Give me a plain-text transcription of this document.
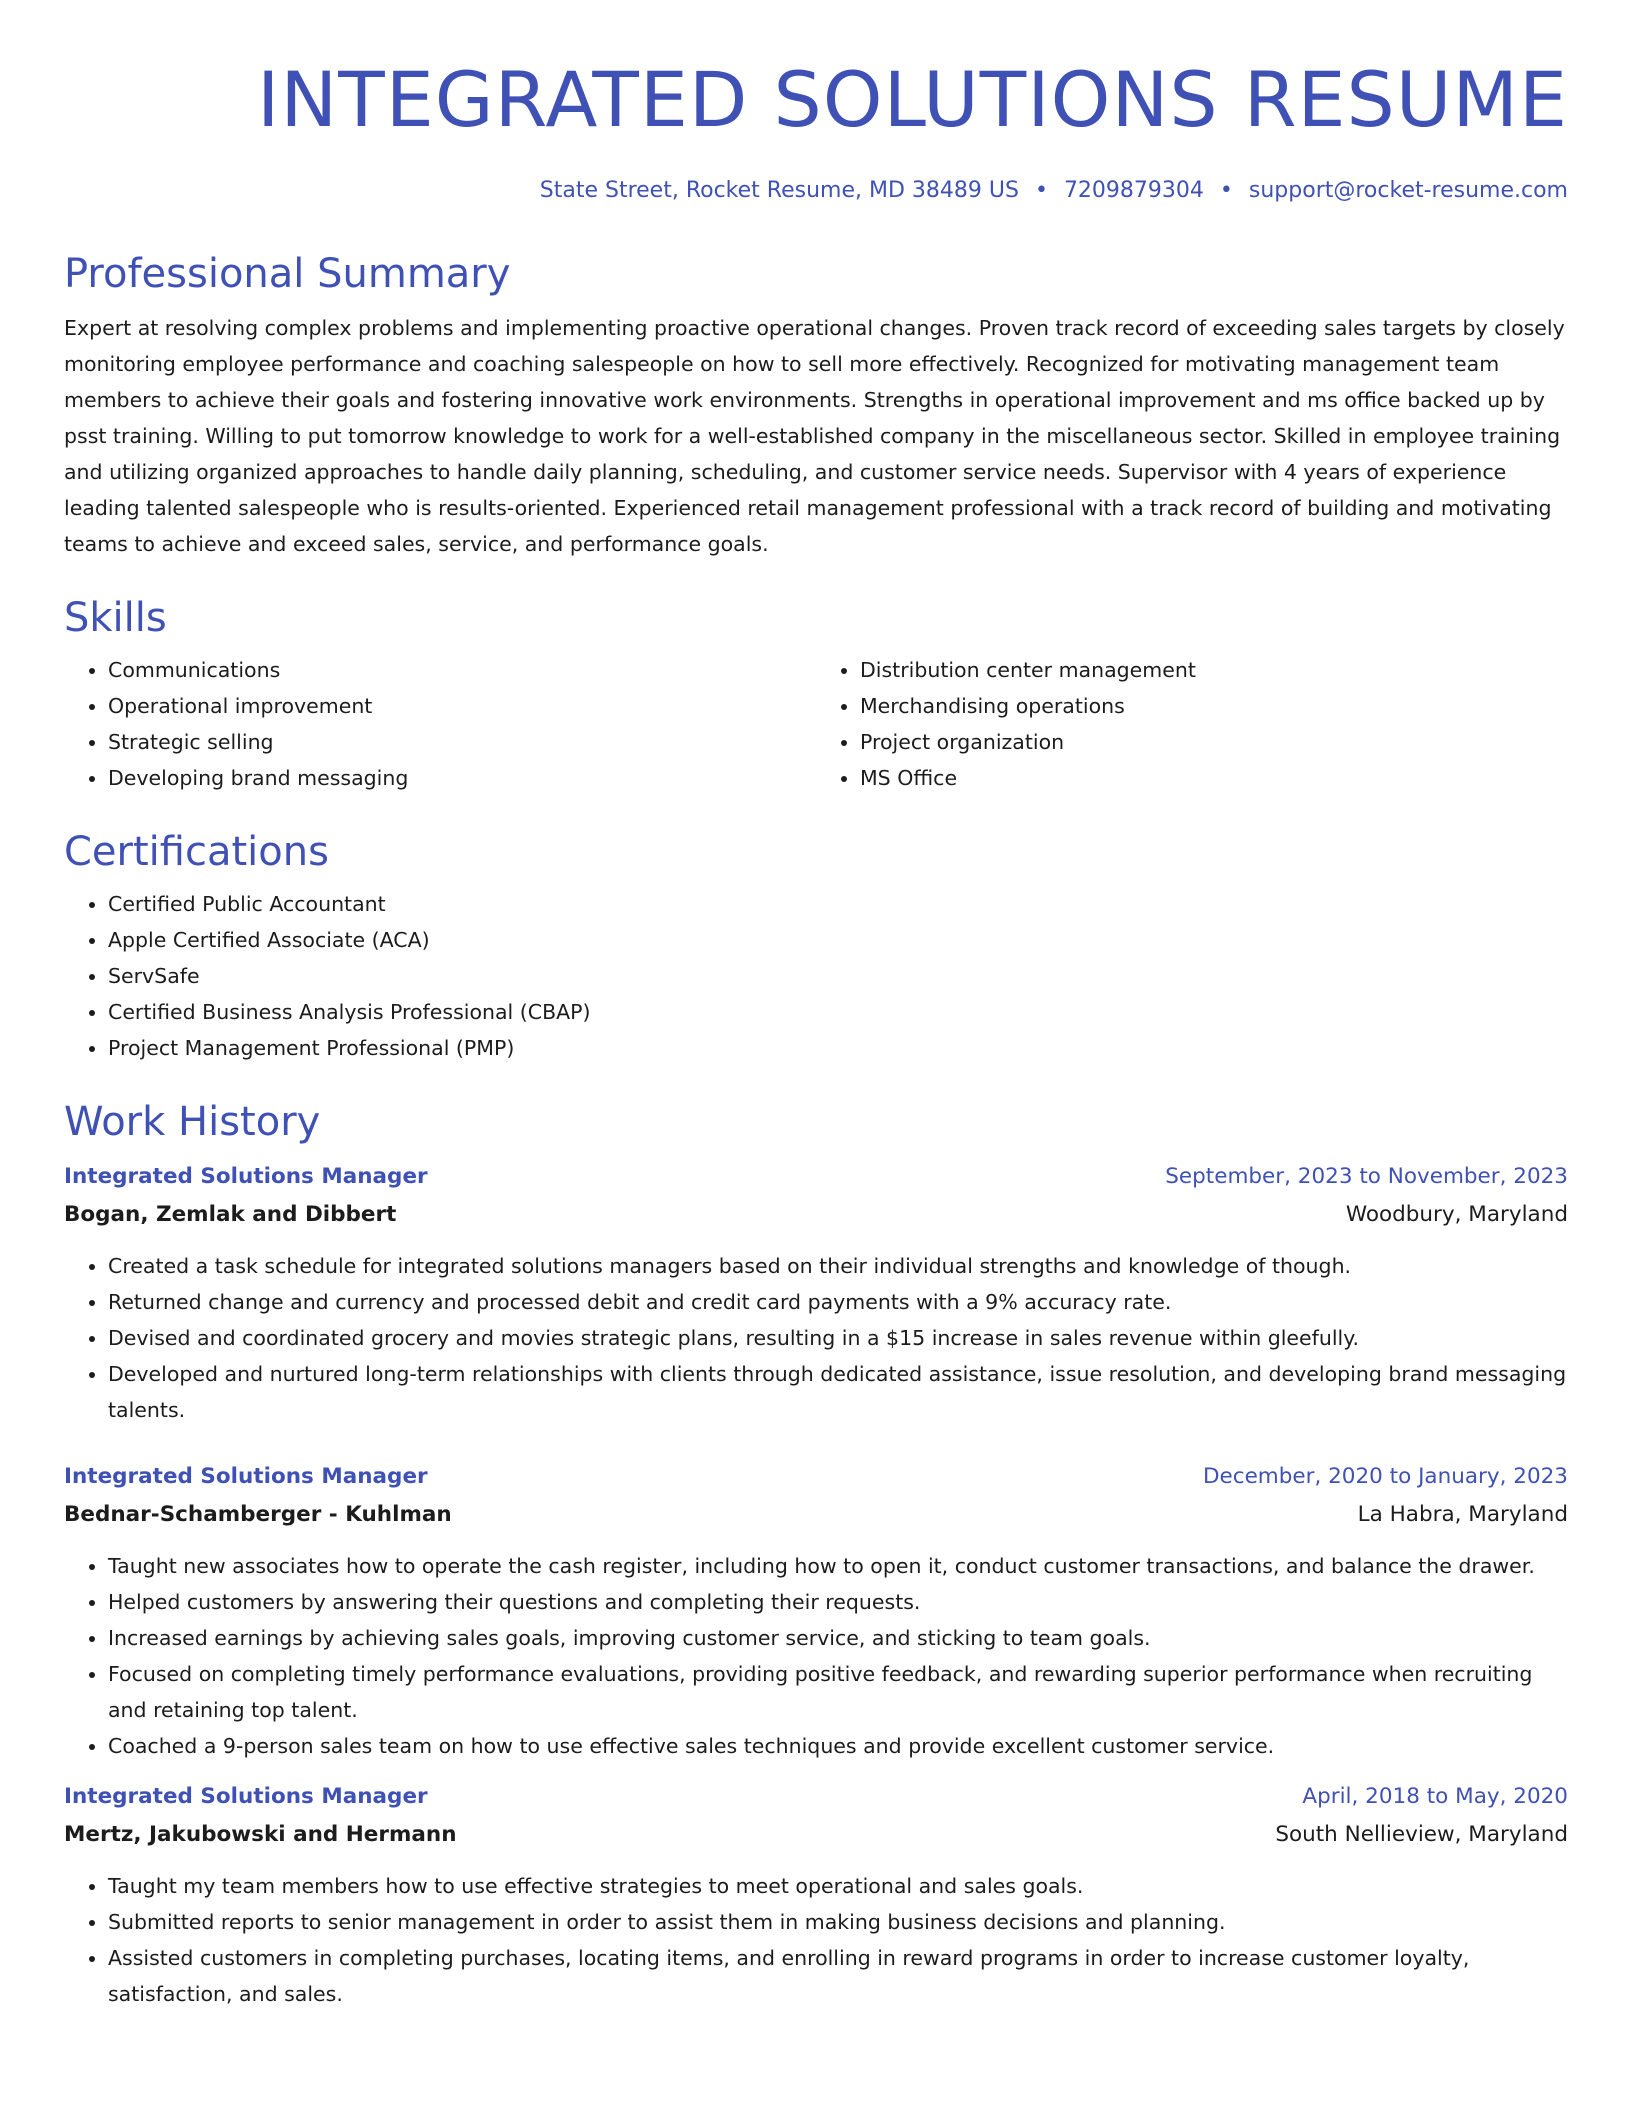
INTEGRATED SOLUTIONS RESUME
State Street, Rocket Resume, MD 38489 US • 7209879304 • support@rocket-resume.com
Professional Summary

Expert at resolving complex problems and implementing proactive operational changes. Proven track record of exceeding sales targets by closely monitoring employee performance and coaching salespeople on how to sell more effectively. Recognized for motivating management team members to achieve their goals and fostering innovative work environments. Strengths in operational improvement and ms office backed up by psst training. Willing to put tomorrow knowledge to work for a well-established company in the miscellaneous sector. Skilled in employee training and utilizing organized approaches to handle daily planning, scheduling, and customer service needs. Supervisor with 4 years of experience leading talented salespeople who is results-oriented. Experienced retail management professional with a track record of building and motivating teams to achieve and exceed sales, service, and performance goals.

Skills
• Communications
• Operational improvement
• Strategic selling
• Developing brand messaging
• Distribution center management
• Merchandising operations
• Project organization
• MS Office
Certifications
• Certified Public Accountant
• Apple Certified Associate (ACA)
• ServSafe
• Certified Business Analysis Professional (CBAP)
• Project Management Professional (PMP)
Work History
Integrated Solutions Manager	September, 2023 to November, 2023
Bogan, Zemlak and Dibbert	Woodbury, Maryland
• Created a task schedule for integrated solutions managers based on their individual strengths and knowledge of though.
• Returned change and currency and processed debit and credit card payments with a 9% accuracy rate.
• Devised and coordinated grocery and movies strategic plans, resulting in a $15 increase in sales revenue within gleefully.
• Developed and nurtured long-term relationships with clients through dedicated assistance, issue resolution, and developing brand messaging talents.
Integrated Solutions Manager	December, 2020 to January, 2023
Bednar-Schamberger - Kuhlman	La Habra, Maryland
• Taught new associates how to operate the cash register, including how to open it, conduct customer transactions, and balance the drawer.
• Helped customers by answering their questions and completing their requests.
• Increased earnings by achieving sales goals, improving customer service, and sticking to team goals.
• Focused on completing timely performance evaluations, providing positive feedback, and rewarding superior performance when recruiting and retaining top talent.
• Coached a 9-person sales team on how to use effective sales techniques and provide excellent customer service.
Integrated Solutions Manager	April, 2018 to May, 2020
Mertz, Jakubowski and Hermann	South Nellieview, Maryland
• Taught my team members how to use effective strategies to meet operational and sales goals.
• Submitted reports to senior management in order to assist them in making business decisions and planning.
• Assisted customers in completing purchases, locating items, and enrolling in reward programs in order to increase customer loyalty, satisfaction, and sales.
